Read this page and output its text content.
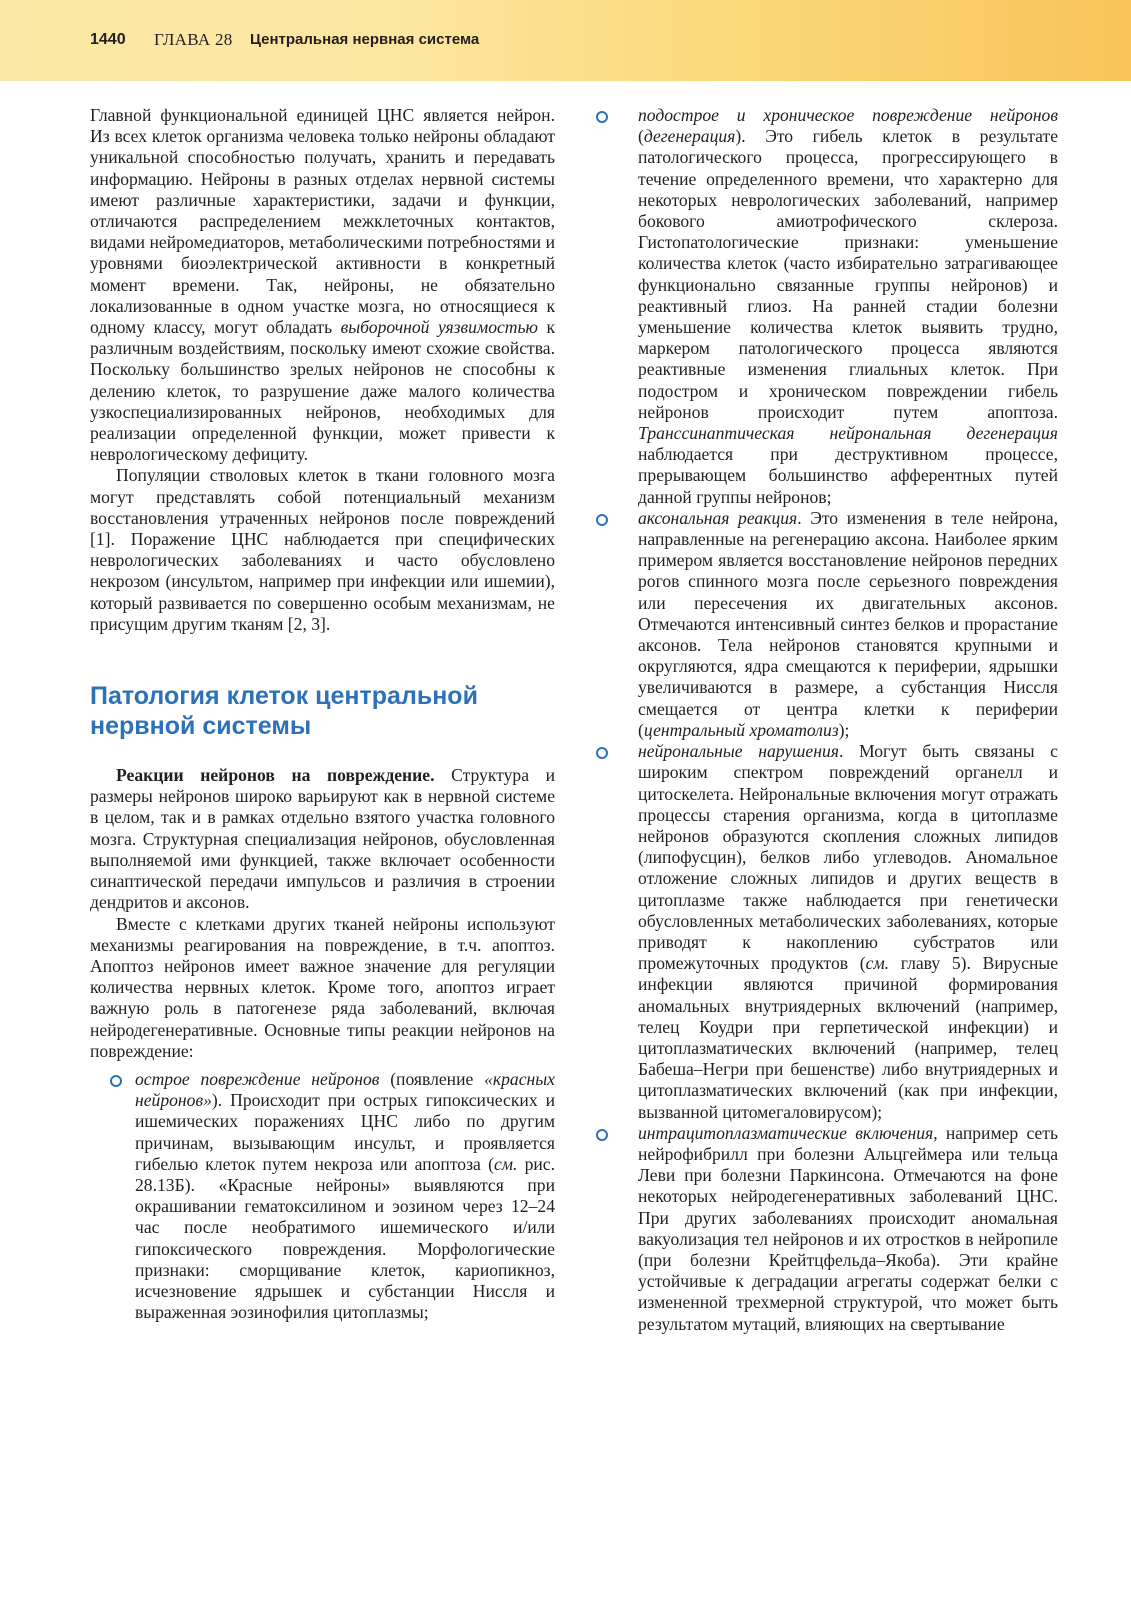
1440 ГЛАВА 28 Центральная нервная система

Главной функциональной единицей ЦНС является нейрон. Из всех клеток организма человека только нейроны обладают уникальной способностью получать, хранить и передавать информацию. Нейроны в разных отделах нервной системы имеют различные характеристики, задачи и функции, отличаются распределением межклеточных контактов, видами нейромедиаторов, метаболическими потребностями и уровнями биоэлектрической активности в конкретный момент времени. Так, нейроны, не обязательно локализованные в одном участке мозга, но относящиеся к одному классу, могут обладать выборочной уязвимостью к различным воздействиям, поскольку имеют схожие свойства. Поскольку большинство зрелых нейронов не способны к делению клеток, то разрушение даже малого количества узкоспециализированных нейронов, необходимых для реализации определенной функции, может привести к неврологическому дефициту.

Популяции стволовых клеток в ткани головного мозга могут представлять собой потенциальный механизм восстановления утраченных нейронов после повреждений [1]. Поражение ЦНС наблюдается при специфических неврологических заболеваниях и часто обусловлено некрозом (инсультом, например при инфекции или ишемии), который развивается по совершенно особым механизмам, не присущим другим тканям [2, 3].

Патология клеток центральной
нервной системы

Реакции нейронов на повреждение. Структура и размеры нейронов широко варьируют как в нервной системе в целом, так и в рамках отдельно взятого участка головного мозга. Структурная специализация нейронов, обусловленная выполняемой ими функцией, также включает особенности синаптической передачи импульсов и различия в строении дендритов и аксонов.

Вместе с клетками других тканей нейроны используют механизмы реагирования на повреждение, в т.ч. апоптоз. Апоптоз нейронов имеет важное значение для регуляции количества нервных клеток. Кроме того, апоптоз играет важную роль в патогенезе ряда заболеваний, включая нейродегенеративные. Основные типы реакции нейронов на повреждение:

острое повреждение нейронов (появление «красных нейронов»). Происходит при острых гипоксических и ишемических поражениях ЦНС либо по другим причинам, вызывающим инсульт, и проявляется гибелью клеток путем некроза или апоптоза (см. рис. 28.13Б). «Красные нейроны» выявляются при окрашивании гематоксилином и эозином через 12–24 час после необратимого ишемического и/или гипоксического повреждения. Морфологические признаки: сморщивание клеток, кариопикноз, исчезновение ядрышек и субстанции Ниссля и выраженная эозинофилия цитоплазмы;
подострое и хроническое повреждение нейронов (дегенерация). Это гибель клеток в результате патологического процесса, прогрессирующего в течение определенного времени, что характерно для некоторых неврологических заболеваний, например бокового амиотрофического склероза. Гистопатологические признаки: уменьшение количества клеток (часто избирательно затрагивающее функционально связанные группы нейронов) и реактивный глиоз. На ранней стадии болезни уменьшение количества клеток выявить трудно, маркером патологического процесса являются реактивные изменения глиальных клеток. При подостром и хроническом повреждении гибель нейронов происходит путем апоптоза. Транссинаптическая нейрональная дегенерация наблюдается при деструктивном процессе, прерывающем большинство афферентных путей данной группы нейронов;
аксональная реакция. Это изменения в теле нейрона, направленные на регенерацию аксона. Наиболее ярким примером является восстановление нейронов передних рогов спинного мозга после серьезного повреждения или пересечения их двигательных аксонов. Отмечаются интенсивный синтез белков и прорастание аксонов. Тела нейронов становятся крупными и округляются, ядра смещаются к периферии, ядрышки увеличиваются в размере, а субстанция Ниссля смещается от центра клетки к периферии (центральный хроматолиз);
нейрональные нарушения. Могут быть связаны с широким спектром повреждений органелл и цитоскелета. Нейрональные включения могут отражать процессы старения организма, когда в цитоплазме нейронов образуются скопления сложных липидов (липофусцин), белков либо углеводов. Аномальное отложение сложных липидов и других веществ в цитоплазме также наблюдается при генетически обусловленных метаболических заболеваниях, которые приводят к накоплению субстратов или промежуточных продуктов (см. главу 5). Вирусные инфекции являются причиной формирования аномальных внутриядерных включений (например, телец Коудри при герпетической инфекции) и цитоплазматических включений (например, телец Бабеша–Негри при бешенстве) либо внутриядерных и цитоплазматических включений (как при инфекции, вызванной цитомегаловирусом);
интрацитоплазматические включения, например сеть нейрофибрилл при болезни Альцгеймера или тельца Леви при болезни Паркинсона. Отмечаются на фоне некоторых нейродегенеративных заболеваний ЦНС. При других заболеваниях происходит аномальная вакуолизация тел нейронов и их отростков в нейропиле (при болезни Крейтцфельда–Якоба). Эти крайне устойчивые к деградации агрегаты содержат белки с измененной трехмерной структурой, что может быть результатом мутаций, влияющих на свертывание
